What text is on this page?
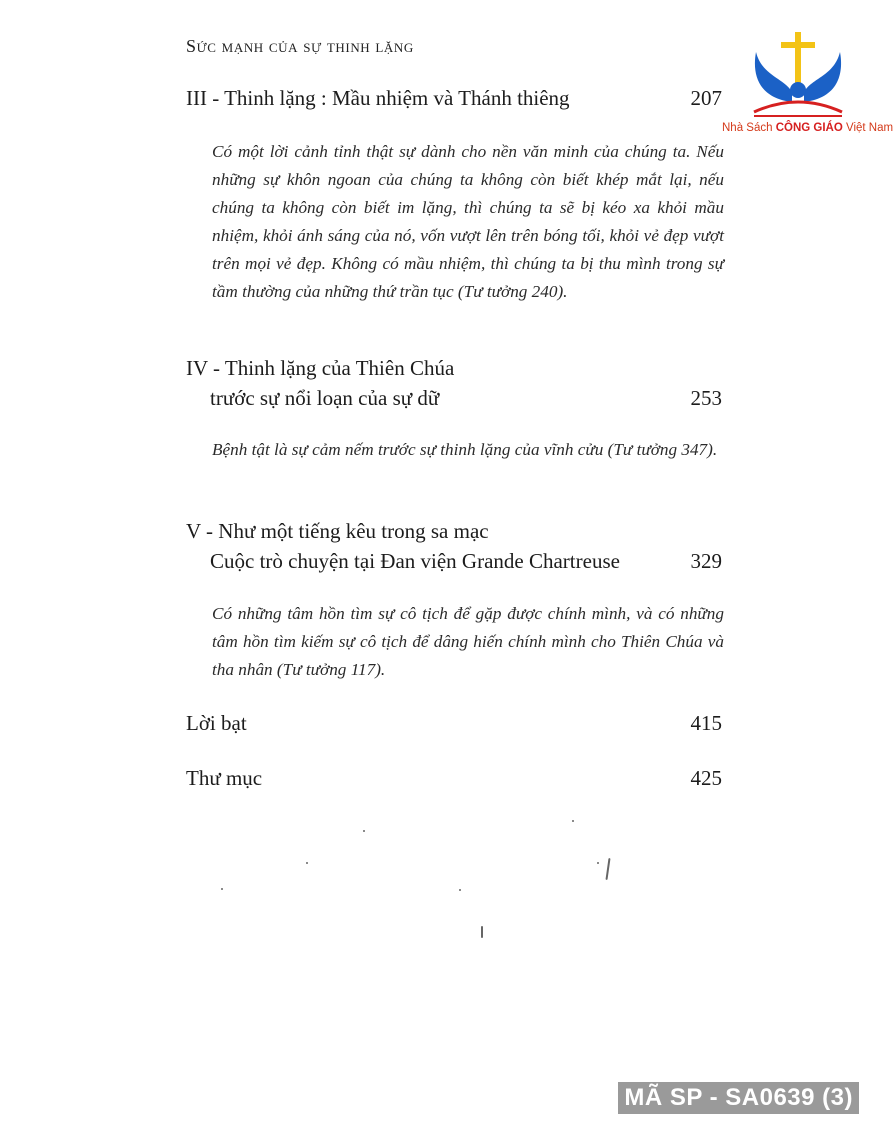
Sức mạnh của sự thinh lặng
Nhà Sách CÔNG GIÁO Việt Nam
III - Thinh lặng : Mầu nhiệm và Thánh thiêng	207
Có một lời cảnh tỉnh thật sự dành cho nền văn minh của chúng ta. Nếu những sự khôn ngoan của chúng ta không còn biết khép mắt lại, nếu chúng ta không còn biết im lặng, thì chúng ta sẽ bị kéo xa khỏi mầu nhiệm, khỏi ánh sáng của nó, vốn vượt lên trên bóng tối, khỏi vẻ đẹp vượt trên mọi vẻ đẹp. Không có mầu nhiệm, thì chúng ta bị thu mình trong sự tầm thường của những thứ trần tục (Tư tưởng 240).
IV - Thinh lặng của Thiên Chúa
trước sự nổi loạn của sự dữ	253
Bệnh tật là sự cảm nếm trước sự thinh lặng của vĩnh cửu (Tư tưởng 347).
V - Như một tiếng kêu trong sa mạc
Cuộc trò chuyện tại Đan viện Grande Chartreuse	329
Có những tâm hồn tìm sự cô tịch để gặp được chính mình, và có những tâm hồn tìm kiếm sự cô tịch để dâng hiến chính mình cho Thiên Chúa và tha nhân (Tư tưởng 117).
Lời bạt	415
Thư mục	425
MÃ SP - SA0639 (3)
